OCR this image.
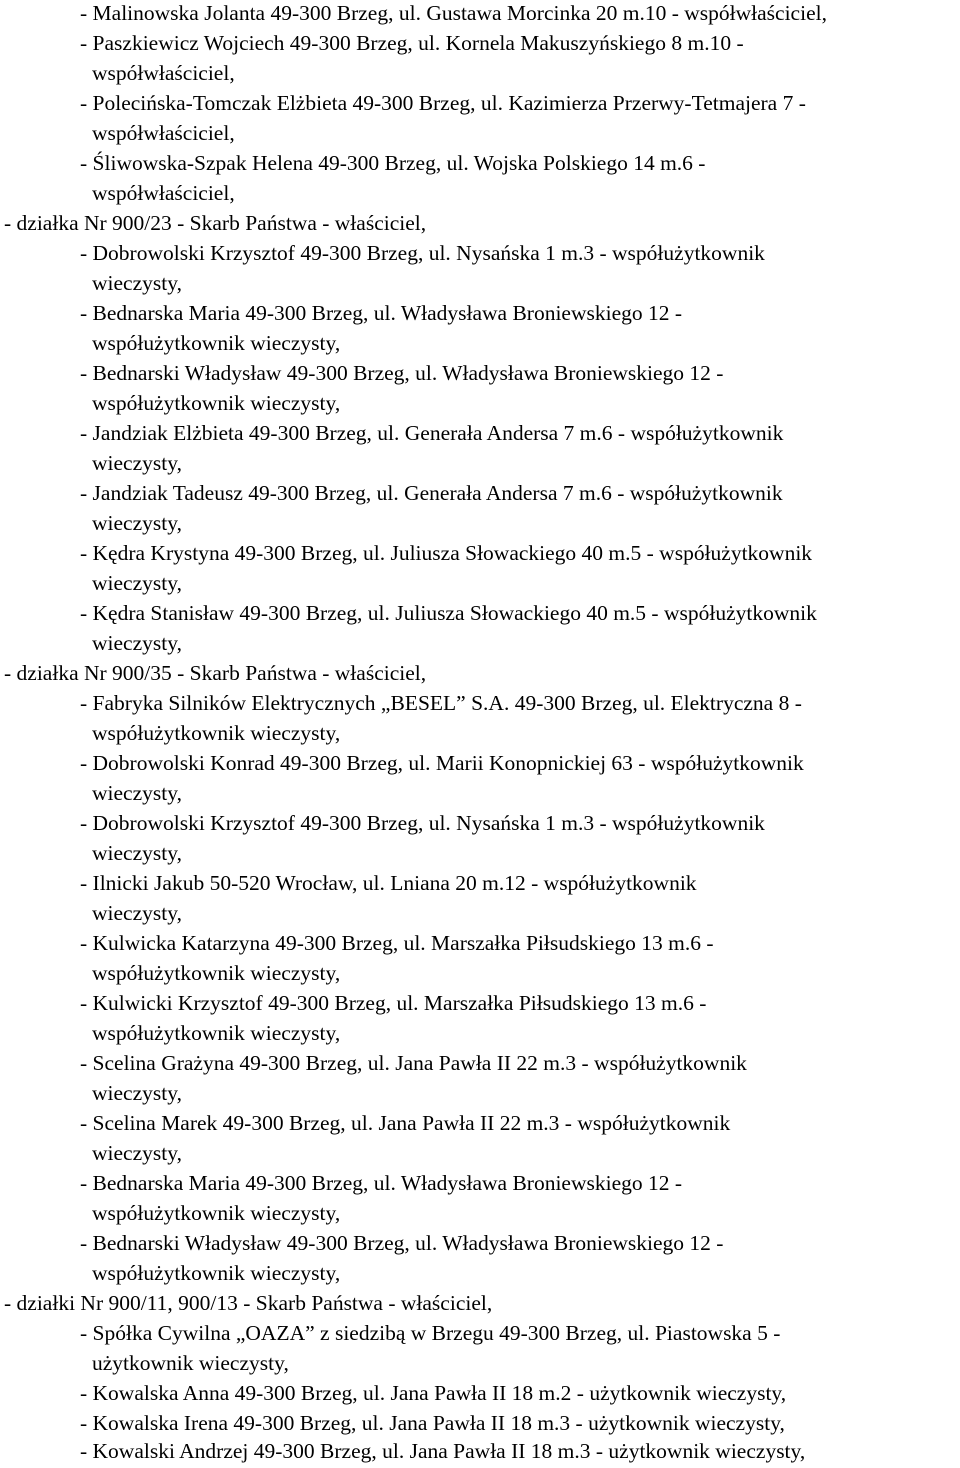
- Malinowska Jolanta 49-300 Brzeg, ul. Gustawa Morcinka 20 m.10 - współwłaściciel,
- Paszkiewicz Wojciech 49-300 Brzeg, ul. Kornela Makuszyńskiego 8 m.10 -
współwłaściciel,
- Polecińska-Tomczak Elżbieta 49-300 Brzeg, ul. Kazimierza Przerwy-Tetmajera 7 -
współwłaściciel,
- Śliwowska-Szpak Helena 49-300 Brzeg, ul. Wojska Polskiego 14 m.6 -
współwłaściciel,
- działka Nr 900/23 - Skarb Państwa - właściciel,
- Dobrowolski Krzysztof 49-300 Brzeg, ul. Nysańska 1 m.3 - współużytkownik
wieczysty,
- Bednarska Maria 49-300 Brzeg, ul. Władysława Broniewskiego 12 -
współużytkownik wieczysty,
- Bednarski Władysław 49-300 Brzeg, ul. Władysława Broniewskiego 12 -
współużytkownik wieczysty,
- Jandziak Elżbieta 49-300 Brzeg, ul. Generała Andersa 7 m.6 - współużytkownik
wieczysty,
- Jandziak Tadeusz 49-300 Brzeg, ul. Generała Andersa 7 m.6 - współużytkownik
wieczysty,
- Kędra Krystyna 49-300 Brzeg, ul. Juliusza Słowackiego 40 m.5 - współużytkownik
wieczysty,
- Kędra Stanisław 49-300 Brzeg, ul. Juliusza Słowackiego 40 m.5 - współużytkownik
wieczysty,
- działka Nr 900/35 - Skarb Państwa - właściciel,
- Fabryka Silników Elektrycznych „BESEL” S.A. 49-300 Brzeg, ul. Elektryczna 8 -
współużytkownik wieczysty,
- Dobrowolski Konrad 49-300 Brzeg, ul. Marii Konopnickiej 63 - współużytkownik
wieczysty,
- Dobrowolski Krzysztof 49-300 Brzeg, ul. Nysańska 1 m.3 - współużytkownik
wieczysty,
- Ilnicki Jakub 50-520 Wrocław, ul. Lniana 20 m.12 - współużytkownik
wieczysty,
- Kulwicka Katarzyna 49-300 Brzeg, ul. Marszałka Piłsudskiego 13 m.6 -
współużytkownik wieczysty,
- Kulwicki Krzysztof 49-300 Brzeg, ul. Marszałka Piłsudskiego 13 m.6 -
współużytkownik wieczysty,
- Scelina Grażyna 49-300 Brzeg, ul. Jana Pawła II 22 m.3 - współużytkownik
wieczysty,
- Scelina Marek 49-300 Brzeg, ul. Jana Pawła II 22 m.3 - współużytkownik
wieczysty,
- Bednarska Maria 49-300 Brzeg, ul. Władysława Broniewskiego 12 -
współużytkownik wieczysty,
- Bednarski Władysław 49-300 Brzeg, ul. Władysława Broniewskiego 12 -
współużytkownik wieczysty,
- działki Nr 900/11, 900/13 - Skarb Państwa - właściciel,
- Spółka Cywilna „OAZA” z siedzibą w Brzegu 49-300 Brzeg, ul. Piastowska 5 -
użytkownik wieczysty,
- Kowalska Anna 49-300 Brzeg, ul. Jana Pawła II 18 m.2 - użytkownik wieczysty,
- Kowalska Irena 49-300 Brzeg, ul. Jana Pawła II 18 m.3 - użytkownik wieczysty,
- Kowalski Andrzej 49-300 Brzeg, ul. Jana Pawła II 18 m.3 - użytkownik wieczysty,
